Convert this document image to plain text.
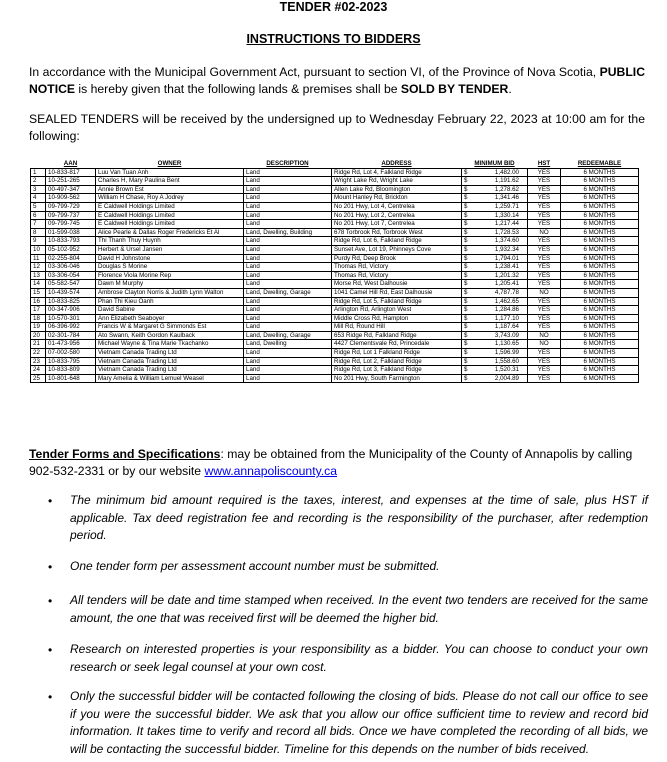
TENDER #02-2023
INSTRUCTIONS TO BIDDERS
In accordance with the Municipal Government Act, pursuant to section VI, of the Province of Nova Scotia, PUBLIC NOTICE is hereby given that the following lands & premises shall be SOLD BY TENDER.
SEALED TENDERS will be received by the undersigned up to Wednesday February 22, 2023 at 10:00 am for the following:
	AAN	OWNER	DESCRIPTION	ADDRESS	MINIMUM BID	HST	REDEEMABLE
1	10-833-817	Luu Van Tuan Anh	Land	Ridge Rd, Lot 4, Falkland Ridge	$ 1,482.00	YES	6 MONTHS
2	10-251-265	Charles H, Mary Paulina Bent	Land	Wright Lake Rd, Wright Lake	$ 1,191.62	YES	6 MONTHS
3	00-497-347	Annie Brown Est	Land	Allen Lake Rd, Bloomington	$ 1,278.62	YES	6 MONTHS
4	10-909-562	William H Chase, Roy A Jodrey	Land	Mount Hanley Rd, Brickton	$ 1,341.46	YES	6 MONTHS
5	09-799-729	E Caldwell Holdings Limited	Land	No 201 Hwy, Lot 4, Centrelea	$ 1,259.71	YES	6 MONTHS
6	09-799-737	E Caldwell Holdings Limited	Land	No 201 Hwy, Lot 2, Centrelea	$ 1,330.14	YES	6 MONTHS
7	09-799-745	E Caldwell Holdings Limited	Land	No 201 Hwy, Lot 7, Centrelea	$ 1,217.44	YES	6 MONTHS
8	01-599-038	Alice Pearle & Dallas Roger Fredericks Et Al	Land, Dwelling, Building	678 Torbrook Rd, Torbrook West	$ 1,728.53	NO	6 MONTHS
9	10-833-793	Thi Thanh Thuy Huynh	Land	Ridge Rd, Lot 6, Falkland Ridge	$ 1,374.60	YES	6 MONTHS
10	05-102-952	Herbert & Ursel Jansen	Land	Sunset Ave, Lot 19, Phinneys Cove	$ 1,932.34	YES	6 MONTHS
11	02-255-804	David H Johnstone	Land	Purdy Rd, Deep Brook	$ 1,794.01	YES	6 MONTHS
12	03-306-046	Douglas S Morine	Land	Thomas Rd, Victory	$ 1,238.41	YES	6 MONTHS
13	03-306-054	Florence Viola Morine Rep	Land	Thomas Rd, Victory	$ 1,201.32	YES	6 MONTHS
14	05-582-547	Dawn M Murphy	Land	Morse Rd, West Dalhousie	$ 1,205.41	YES	6 MONTHS
15	10-439-574	Ambrose Clayton Norris & Judith Lynn Walton	Land, Dwelling, Garage	1041 Camel Hill Rd, East Dalhousie	$ 4,787.78	NO	6 MONTHS
16	10-833-825	Phan Thi Kieu Oanh	Land	Ridge Rd, Lot 5, Falkland Ridge	$ 1,462.65	YES	6 MONTHS
17	00-347-906	David Sabine	Land	Arlington Rd, Arlington West	$ 1,284.86	YES	6 MONTHS
18	10-570-301	Ann Elizabeth Seaboyer	Land	Middle Cross Rd, Hampton	$ 1,177.10	YES	6 MONTHS
19	06-396-992	Francis W & Margaret G Simmonds Est	Land	Mill Rd, Round Hill	$ 1,187.64	YES	6 MONTHS
20	02-301-784	Ato Swann, Keith Gordon Kaulback	Land, Dwelling, Garage	653 Ridge Rd, Falkland Ridge	$ 3,743.09	NO	6 MONTHS
21	01-473-956	Michael Wayne & Tina Marie Tkachanko	Land, Dwelling	4427 Clementsvale Rd, Princedale	$ 1,130.65	NO	6 MONTHS
22	07-002-580	Vietnam Canada Trading Ltd	Land	Ridge Rd, Lot 1 Falkland Ridge	$ 1,596.99	YES	6 MONTHS
23	10-833-795	Vietnam Canada Trading Ltd	Land	Ridge Rd, Lot 2, Falkland Ridge	$ 1,558.60	YES	6 MONTHS
24	10-833-809	Vietnam Canada Trading Ltd	Land	Ridge Rd, Lot 3, Falkland Ridge	$ 1,520.31	YES	6 MONTHS
25	10-801-648	Mary Amelia & William Lemuel Weasel	Land	No 201 Hwy, South Farmington	$ 2,004.89	YES	6 MONTHS
Tender Forms and Specifications: may be obtained from the Municipality of the County of Annapolis by calling 902-532-2331 or by our website www.annapoliscounty.ca
• The minimum bid amount required is the taxes, interest, and expenses at the time of sale, plus HST if applicable. Tax deed registration fee and recording is the responsibility of the purchaser, after redemption period.
• One tender form per assessment account number must be submitted.
• All tenders will be date and time stamped when received. In the event two tenders are received for the same amount, the one that was received first will be deemed the higher bid.
• Research on interested properties is your responsibility as a bidder. You can choose to conduct your own research or seek legal counsel at your own cost.
• Only the successful bidder will be contacted following the closing of bids. Please do not call our office to see if you were the successful bidder. We ask that you allow our office sufficient time to review and record bid information. It takes time to verify and record all bids. Once we have completed the recording of all bids, we will be contacting the successful bidder. Timeline for this depends on the number of bids received.
